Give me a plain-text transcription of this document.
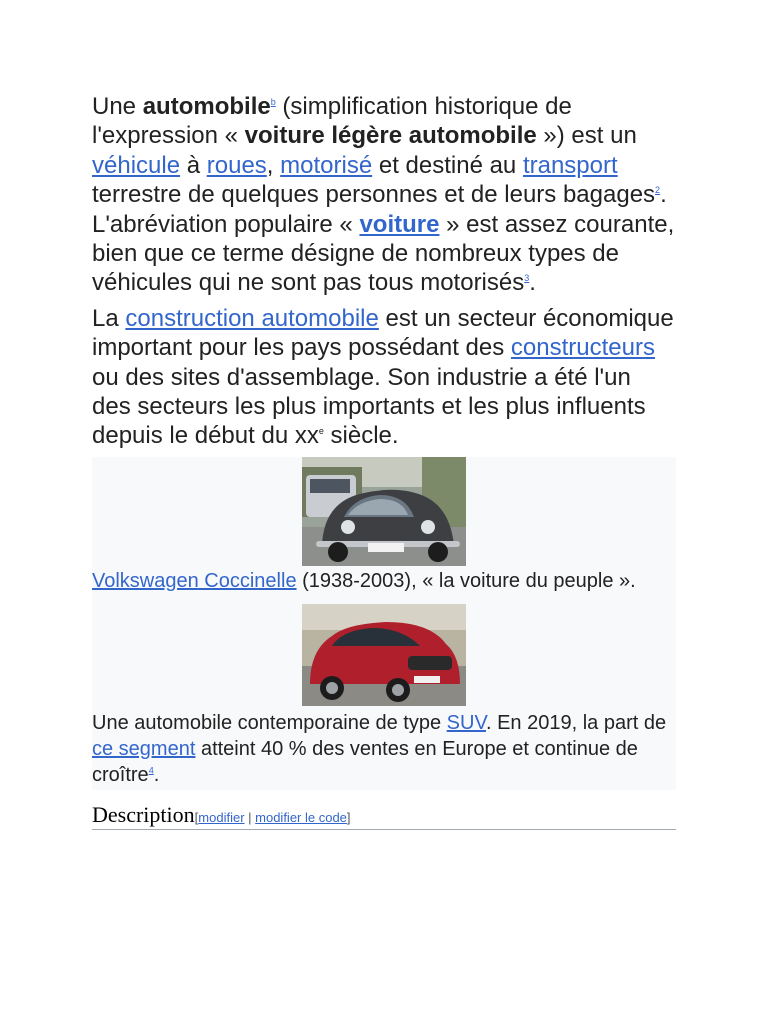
Une automobile$^b$ (simplification historique de l'expression « voiture légère automobile ») est un véhicule à roues, motorisé et destiné au transport terrestre de quelques personnes et de leurs bagages$^2$. L'abréviation populaire « voiture » est assez courante, bien que ce terme désigne de nombreux types de véhicules qui ne sont pas tous motorisés$^3$.

La construction automobile est un secteur économique important pour les pays possédant des constructeurs ou des sites d'assemblage. Son industrie a été l'un des secteurs les plus importants et les plus influents depuis le début du $xx^e$ siècle.

Volkswagen Coccinelle (1938-2003), « la voiture du peuple ».

Une automobile contemporaine de type SUV. En 2019, la part de ce segment atteint 40 % des ventes en Europe et continue de croître$^4$.

Description[modifier | modifier le code]
